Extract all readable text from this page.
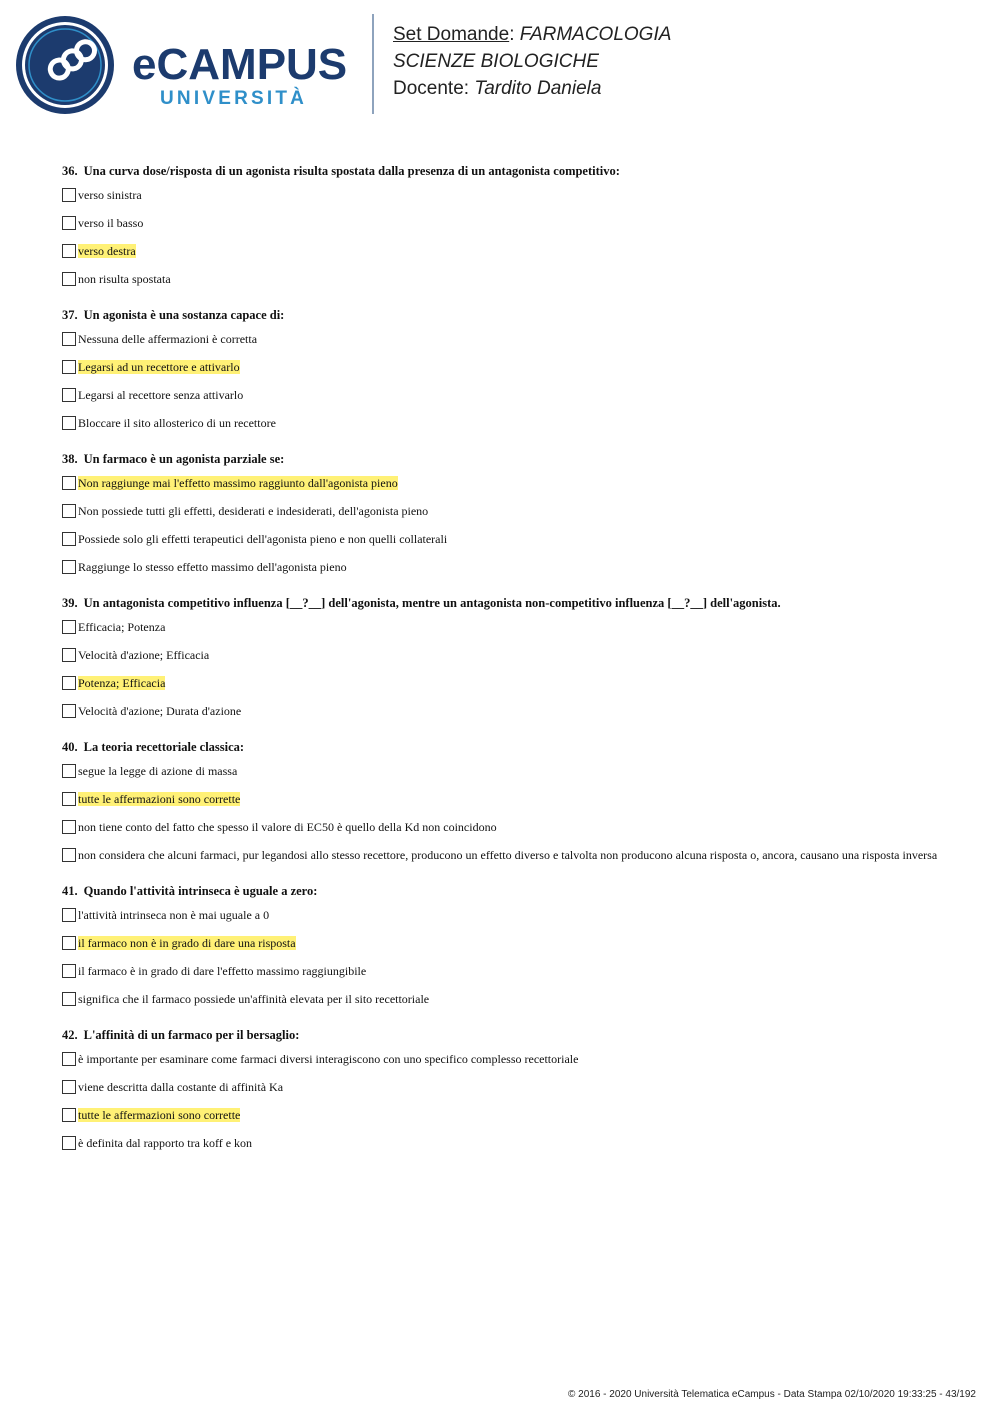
eCAMPUS
UNIVERSITÀ
Set Domande: FARMACOLOGIA
SCIENZE BIOLOGICHE
Docente: Tardito Daniela
36. Una curva dose/risposta di un agonista risulta spostata dalla presenza di un antagonista competitivo:
verso sinistra
verso il basso
verso destra
non risulta spostata
37. Un agonista è una sostanza capace di:
Nessuna delle affermazioni è corretta
Legarsi ad un recettore e attivarlo
Legarsi al recettore senza attivarlo
Bloccare il sito allosterico di un recettore
38. Un farmaco è un agonista parziale se:
Non raggiunge mai l'effetto massimo raggiunto dall'agonista pieno
Non possiede tutti gli effetti, desiderati e indesiderati, dell'agonista pieno
Possiede solo gli effetti terapeutici dell'agonista pieno e non quelli collaterali
Raggiunge lo stesso effetto massimo dell'agonista pieno
39. Un antagonista competitivo influenza [__?__] dell'agonista, mentre un antagonista non-competitivo influenza [__?__] dell'agonista.
Efficacia; Potenza
Velocità d'azione; Efficacia
Potenza; Efficacia
Velocità d'azione; Durata d'azione
40. La teoria recettoriale classica:
segue la legge di azione di massa
tutte le affermazioni sono corrette
non tiene conto del fatto che spesso il valore di EC50 è quello della Kd non coincidono
non considera che alcuni farmaci, pur legandosi allo stesso recettore, producono un effetto diverso e talvolta non producono alcuna risposta o, ancora, causano una risposta inversa
41. Quando l'attività intrinseca è uguale a zero:
l'attività intrinseca non è mai uguale a 0
il farmaco non è in grado di dare una risposta
il farmaco è in grado di dare l'effetto massimo raggiungibile
significa che il farmaco possiede un'affinità elevata per il sito recettoriale
42. L'affinità di un farmaco per il bersaglio:
è importante per esaminare come farmaci diversi interagiscono con uno specifico complesso recettoriale
viene descritta dalla costante di affinità Ka
tutte le affermazioni sono corrette
è definita dal rapporto tra koff e kon
© 2016 - 2020 Università Telematica eCampus - Data Stampa 02/10/2020 19:33:25 - 43/192
